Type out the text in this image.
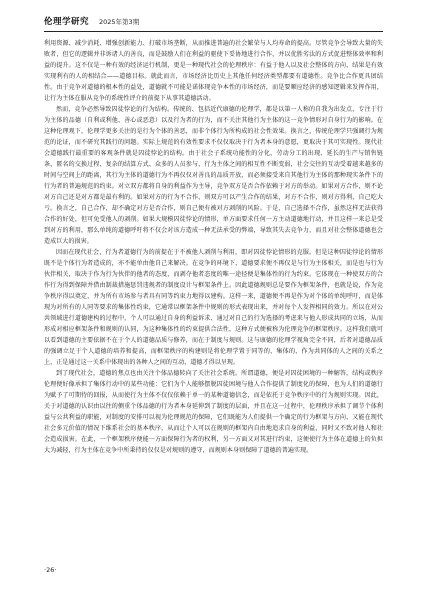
伦理学研究 2025年第3期

利用资源、减少消耗、增强创新能力、打破市场垄断，从而推进普遍的社会繁荣与人均寿命的提高。尽管竞争会导致大量的失败者，但它的逻辑并非诉诸人的善良，而是鼓励人们在利益的驱使下妥协地进行合作，并以优胜劣汰的方式促进整体效率和利益的提升。这不仅是一种有效的经济运行机制，更是一种现代社会的伦理秩序：有益于他人以及社会整体的方向，结果是有效实现利有的人的相结合——道德目标。就此而言，市场经济比历史上其他任何经济类型都要有道德性。竞争比合作更具团结性。由于竞争对道德的根本性的益处，道德就不可能是诺体现竞争本性的市场经济，而是要顺应经济的感知逻辑来发挥作用，让行为主体在服从竞争的系统性评介的前提下从事其道德活动。

然而，竞争必然导致囚徒悖论的行为结构。传统的、包括近代康德的伦理学，都是以第一人称的自我为出发点，专注于行为主体的品德（自利或利他、善心或恶意）以及行为者的行为，而不关注其他行为主体的这一竞争情形对自身行为的影响。在这种伦理观下，伦理学更多关注的是行为个体的善恶，而非个体行为所构成的社会性效果。换言之，传统伦理学只强调行为规范的论证，而不研究其践行的问题。实际上规范的有效性要求不仅仅取决于行为者本身的意愿，更取决于其可实现性。现代社会道德践行最重要的客观条件就是囚徒悖论的结构。由于社会子系统功能性的分化，劳动分工的出现、延长的生产与销售链条、匿名的交换过程、复杂的结算方式、众多的人员参与，行为主体之间的相互性不断变弱，社会交往的互动受着越来越多的时间与空间上的距离，其行为主体的道德行为不再仅仅对善良的品质开放，而必须接受来自其他行为主体的那种现实条件下的行为者的普遍规范的约束。对立双方都将自身的利益作为主导，竞争双方是否合作依赖于对方的举动。如果对方合作，则不论对方自己还是对方都是最有利的。如果对方的行为不合作，则双方可以产生合作的结果，对方不合作，则对方得利，自己吃大亏。换言之，自己合作，却不确定对方是否合作，则自己便有被对方剥削的风险。于是，自己选择不合作，虽然这样无法获得合作的好处，但可免受他人的剥削。如果大规模囚徒悖论的情形，单方面要求任何一方主动道德地行动，并且这样一来总是受到对方的利用，那么单纯的道德呼吁将不仅会对该方造成一种无法承受的弊端，导致其失去竞争力，而且对社会整体道德也会造成巨大的损害。

因而在现代社会，行为者道德行为的前提在于不被他人剥削与利用，即对囚徒悖论情形的克服。但是这种囚徒悖论的情形既不是个体行为者造成的，亦不能单由他自己来解决。在竞争的环境下，道德要求便不再仅是与行为主体相关，而是也与行为伙伴相关，取决于作为行为伙伴的他者的态度，而剥夺他者态度的唯一途径便是集体性的行为约束。它体现在一种使双方的合作行为得到保障并借由制裁措施惩罚违规者的制度设计与框架条件上。因此道德规则总是要作为框架条件，也就是说，作为竞争秩序得以奠定，并为所有市场参与者具有同等约束力地得以建构。这样一来，道德便不再是作为对个体的单纯呼吁，而是体现为对所有的人同等要求的集体性约束，它通常以框架条件中规则的形式表现出来，并对每个人发挥相同的效力。所以在对公共领域进行道德建构的过程中，个人可以通过自身的利益诉求、通过对自己的行为选择的考虑来与他人形成共同的立场，从而形成对相应框架条件和规则的认同，为这种集体性的约束提供合法性，这种方式便被称为伦理竞争的框架秩序。这样我们就可以看到道德的主要依据不在于个人的道德品质与修养，而在于制度与规则。这与康德的伦理学视角完全不同，后者对道德品质的强调立足于个人道德的培养和提高，而框架秩序的构建则是将伦理学置于同等的、集体的、作为共同体的人之间的关系之上，正是通过这一关系中体现出的各种人之间的互动，道德才得以呈现。

到了现代社会，道德的焦点也由关注个体品德转向了关注社会系统。所谓道德，便是对囚徒困境的一种解答，结构或秩序伦理便好像承担了集体行动中的某些功能：它们为个人能够摆脱囚徒困境与他人合作提供了制度化的保障，也为人们的道德行为赋予了可期待的回报，从而使行为主体不仅仅依赖于单一的某种道德信念，而是依托于竞争秩序中的行为规则实现。因此，关于对道德的认识由以往的侧重个体品德的行为者本身延伸到了制度的层面，并且在这一过程中，伦理秩序承担了调节个体利益与公共利益的职能，对制度的安排可以视为伦理规范的保障，它们既能为人们提供一个确定的行为框架与方向，又能在现代社会多元价值的情况下维系社会的基本秩序，从而让个人可以在规则的框架内自由地追求自身的利益，同时又不致对他人和社会造成损害。在此，一个框架秩序便能一方面保障行为者的权利，另一方面又对其进行约束，这便使行为主体在道德上的负担大为减轻，行为主体在竞争中所秉持的仅仅是对规则的遵守，而规则本身则保障了道德的普遍实现。

·26·
